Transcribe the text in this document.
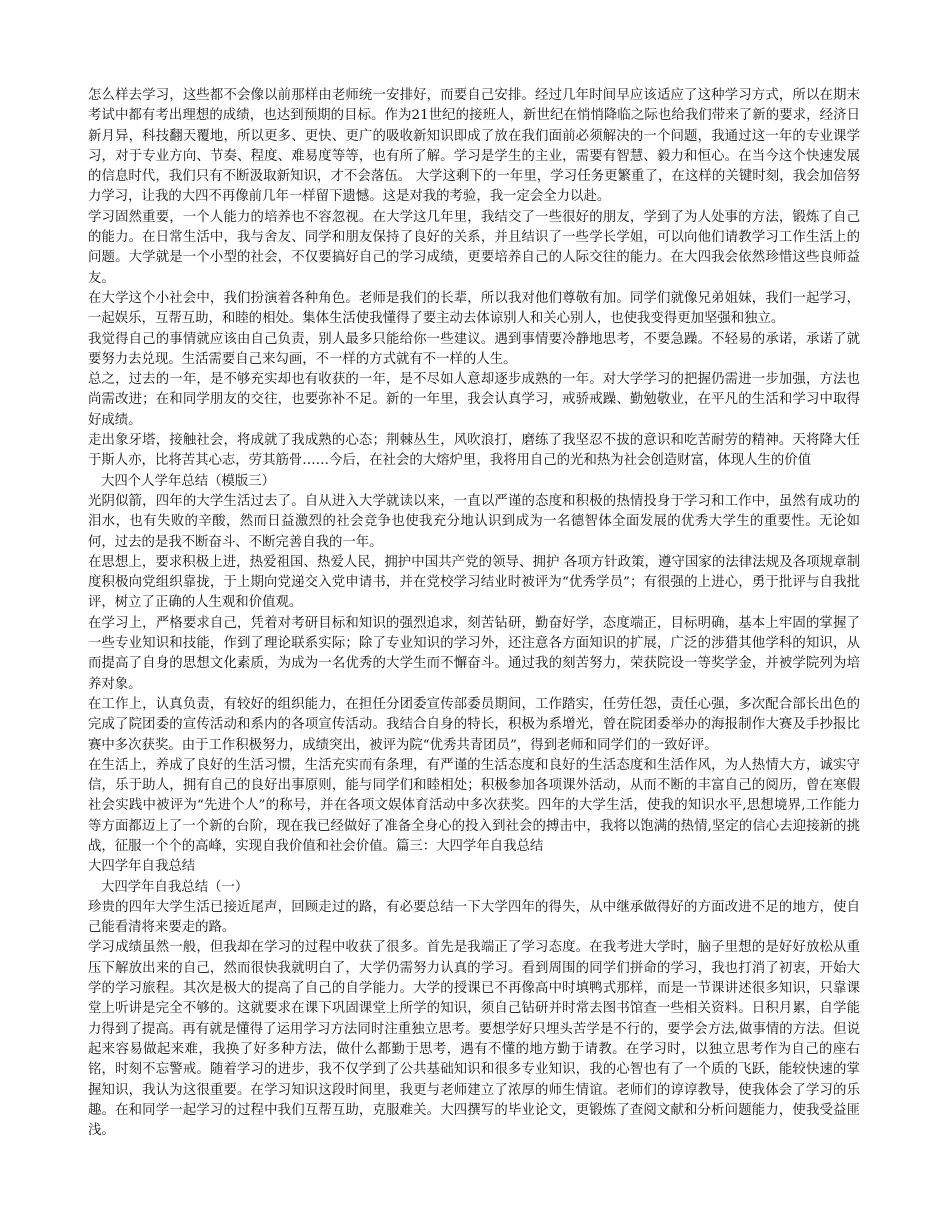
怎么样去学习，这些都不会像以前那样由老师统一安排好，而要自己安排。经过几年时间早应该适应了这种学习方式，所以在期末考试中都有考出理想的成绩，也达到预期的目标。作为21世纪的接班人，新世纪在悄悄降临之际也给我们带来了新的要求，经济日新月异，科技翻天覆地，所以更多、更快、更广的吸收新知识即成了放在我们面前必须解决的一个问题，我通过这一年的专业课学习，对于专业方向、节奏、程度、难易度等等，也有所了解。学习是学生的主业，需要有智慧、毅力和恒心。在当今这个快速发展的信息时代，我们只有不断汲取新知识，才不会落伍。 大学这剩下的一年里，学习任务更繁重了，在这样的关键时刻，我会加倍努力学习，让我的大四不再像前几年一样留下遗憾。这是对我的考验，我一定会全力以赴。

学习固然重要，一个人能力的培养也不容忽视。在大学这几年里，我结交了一些很好的朋友，学到了为人处事的方法，锻炼了自己的能力。在日常生活中，我与舍友、同学和朋友保持了良好的关系，并且结识了一些学长学姐，可以向他们请教学习工作生活上的问题。大学就是一个小型的社会，不仅要搞好自己的学习成绩，更要培养自己的人际交往的能力。在大四我会依然珍惜这些良师益友。

在大学这个小社会中，我们扮演着各种角色。老师是我们的长辈，所以我对他们尊敬有加。同学们就像兄弟姐妹，我们一起学习，一起娱乐，互帮互助，和睦的相处。集体生活使我懂得了要主动去体谅别人和关心别人，也使我变得更加坚强和独立。

我觉得自己的事情就应该由自己负责，别人最多只能给你一些建议。遇到事情要冷静地思考，不要急躁。不轻易的承诺，承诺了就要努力去兑现。生活需要自己来勾画，不一样的方式就有不一样的人生。

总之，过去的一年，是不够充实却也有收获的一年，是不尽如人意却逐步成熟的一年。对大学学习的把握仍需进一步加强，方法也尚需改进；在和同学朋友的交往，也要弥补不足。新的一年里，我会认真学习，戒骄戒躁、勤勉敬业，在平凡的生活和学习中取得好成绩。

走出象牙塔，接触社会，将成就了我成熟的心态；荆棘丛生，风吹浪打，磨练了我坚忍不拔的意识和吃苦耐劳的精神。天将降大任于斯人亦，比将苦其心志，劳其筋骨……今后，在社会的大熔炉里，我将用自己的光和热为社会创造财富，体现人生的价值

大四个人学年总结（模版三）

光阴似箭，四年的大学生活过去了。自从进入大学就读以来，一直以严谨的态度和积极的热情投身于学习和工作中，虽然有成功的泪水，也有失败的辛酸，然而日益激烈的社会竞争也使我充分地认识到成为一名德智体全面发展的优秀大学生的重要性。无论如何，过去的是我不断奋斗、不断完善自我的一年。

在思想上，要求积极上进，热爱祖国、热爱人民，拥护中国共产党的领导、拥护 各项方针政策，遵守国家的法律法规及各项规章制度积极向党组织靠拢，于上期向党递交入党申请书，并在党校学习结业时被评为“优秀学员”；有很强的上进心，勇于批评与自我批评，树立了正确的人生观和价值观。

在学习上，严格要求自己，凭着对考研目标和知识的强烈追求，刻苦钻研，勤奋好学，态度端正，目标明确，基本上牢固的掌握了一些专业知识和技能，作到了理论联系实际；除了专业知识的学习外，还注意各方面知识的扩展，广泛的涉猎其他学科的知识，从而提高了自身的思想文化素质，为成为一名优秀的大学生而不懈奋斗。通过我的刻苦努力，荣获院设一等奖学金，并被学院列为培养对象。

在工作上，认真负责，有较好的组织能力，在担任分团委宣传部委员期间，工作踏实，任劳任怨，责任心强，多次配合部长出色的完成了院团委的宣传活动和系内的各项宣传活动。我结合自身的特长，积极为系增光，曾在院团委举办的海报制作大赛及手抄报比赛中多次获奖。由于工作积极努力，成绩突出，被评为院“优秀共青团员”，得到老师和同学们的一致好评。

在生活上，养成了良好的生活习惯，生活充实而有条理，有严谨的生活态度和良好的生活态度和生活作风，为人热情大方，诚实守信，乐于助人，拥有自己的良好出事原则，能与同学们和睦相处；积极参加各项课外活动，从而不断的丰富自己的阅历，曾在寒假社会实践中被评为“先进个人”的称号，并在各项文娱体育活动中多次获奖。四年的大学生活，使我的知识水平,思想境界,工作能力等方面都迈上了一个新的台阶，现在我已经做好了准备全身心的投入到社会的搏击中，我将以饱满的热情,坚定的信心去迎接新的挑战，征服一个个的高峰，实现自我价值和社会价值。篇三：大四学年自我总结

大四学年自我总结

大四学年自我总结（一）

珍贵的四年大学生活已接近尾声，回顾走过的路，有必要总结一下大学四年的得失，从中继承做得好的方面改进不足的地方，使自己能看清将来要走的路。

学习成绩虽然一般，但我却在学习的过程中收获了很多。首先是我端正了学习态度。在我考进大学时，脑子里想的是好好放松从重压下解放出来的自己，然而很快我就明白了，大学仍需努力认真的学习。看到周围的同学们拼命的学习，我也打消了初衷，开始大学的学习旅程。其次是极大的提高了自己的自学能力。大学的授课已不再像高中时填鸭式那样，而是一节课讲述很多知识，只靠课堂上听讲是完全不够的。这就要求在课下巩固课堂上所学的知识，须自己钻研并时常去图书馆查一些相关资料。日积月累，自学能力得到了提高。再有就是懂得了运用学习方法同时注重独立思考。要想学好只埋头苦学是不行的，要学会方法,做事情的方法。但说起来容易做起来难，我换了好多种方法，做什么都勤于思考，遇有不懂的地方勤于请教。在学习时，以独立思考作为自己的座右铭，时刻不忘警戒。随着学习的进步，我不仅学到了公共基础知识和很多专业知识，我的心智也有了一个质的飞跃，能较快速的掌握知识，我认为这很重要。在学习知识这段时间里，我更与老师建立了浓厚的师生情谊。老师们的谆谆教导，使我体会了学习的乐趣。在和同学一起学习的过程中我们互帮互助，克服难关。大四撰写的毕业论文，更锻炼了查阅文献和分析问题能力，使我受益匪浅。
